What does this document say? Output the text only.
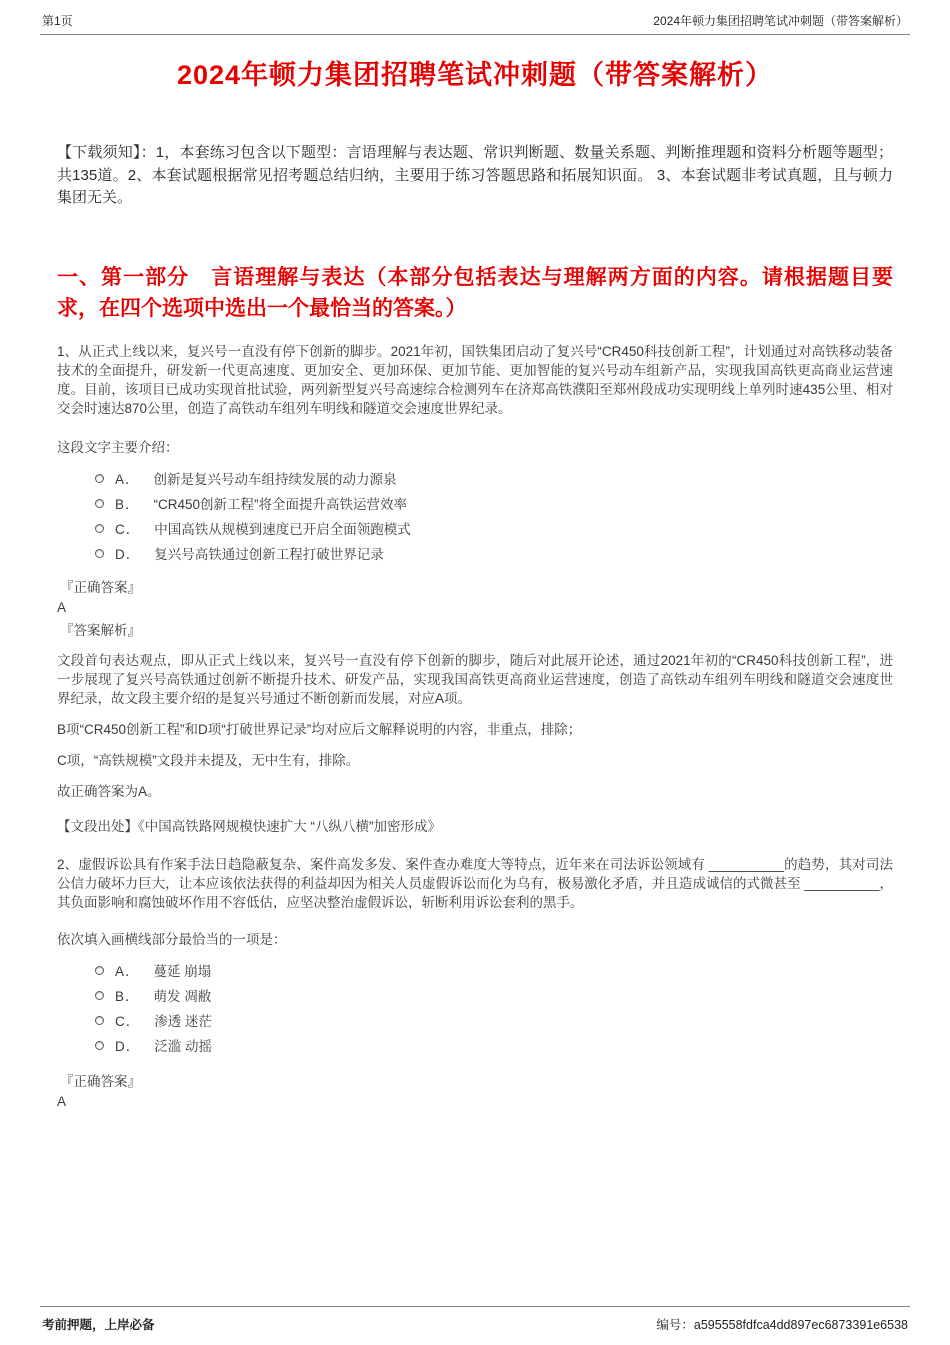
第1页	2024年顿力集团招聘笔试冲刺题（带答案解析）
2024年顿力集团招聘笔试冲刺题（带答案解析）

【下载须知】：1，本套练习包含以下题型：言语理解与表达题、常识判断题、数量关系题、判断推理题和资料分析题等题型；共135道。2、本套试题根据常见招考题总结归纳，主要用于练习答题思路和拓展知识面。 3、本套试题非考试真题，且与顿力集团无关。

一、第一部分　言语理解与表达（本部分包括表达与理解两方面的内容。请根据题目要求，在四个选项中选出一个最恰当的答案。）

1、从正式上线以来，复兴号一直没有停下创新的脚步。2021年初，国铁集团启动了复兴号“CR450科技创新工程”，计划通过对高铁移动装备技术的全面提升，研发新一代更高速度、更加安全、更加环保、更加节能、更加智能的复兴号动车组新产品，实现我国高铁更高商业运营速度。目前，该项目已成功实现首批试验，两列新型复兴号高速综合检测列车在济郑高铁濮阳至郑州段成功实现明线上单列时速435公里、相对交会时速达870公里，创造了高铁动车组列车明线和隧道交会速度世界纪录。

这段文字主要介绍：

A． 创新是复兴号动车组持续发展的动力源泉
B． “CR450创新工程”将全面提升高铁运营效率
C． 中国高铁从规模到速度已开启全面领跑模式
D． 复兴号高铁通过创新工程打破世界记录

『正确答案』

A

『答案解析』

文段首句表达观点，即从正式上线以来，复兴号一直没有停下创新的脚步，随后对此展开论述，通过2021年初的“CR450科技创新工程”，进一步展现了复兴号高铁通过创新不断提升技术、研发产品，实现我国高铁更高商业运营速度，创造了高铁动车组列车明线和隧道交会速度世界纪录，故文段主要介绍的是复兴号通过不断创新而发展，对应A项。

B项“CR450创新工程”和D项“打破世界记录”均对应后文解释说明的内容，非重点，排除；

C项，“高铁规模”文段并未提及，无中生有，排除。

故正确答案为A。

【文段出处】《中国高铁路网规模快速扩大 “八纵八横”加密形成》

2、虚假诉讼具有作案手法日趋隐蔽复杂、案件高发多发、案件查办难度大等特点，近年来在司法诉讼领域有 __________的趋势，其对司法公信力破坏力巨大，让本应该依法获得的利益却因为相关人员虚假诉讼而化为乌有，极易激化矛盾，并且造成诚信的式微甚至 __________，其负面影响和腐蚀破坏作用不容低估，应坚决整治虚假诉讼，斩断利用诉讼套利的黑手。

依次填入画横线部分最恰当的一项是：

A． 蔓延 崩塌
B． 萌发 凋敝
C． 渗透 迷茫
D． 泛滥 动摇

『正确答案』

A

考前押题，上岸必备	编号：a595558fdfca4dd897ec6873391e6538
